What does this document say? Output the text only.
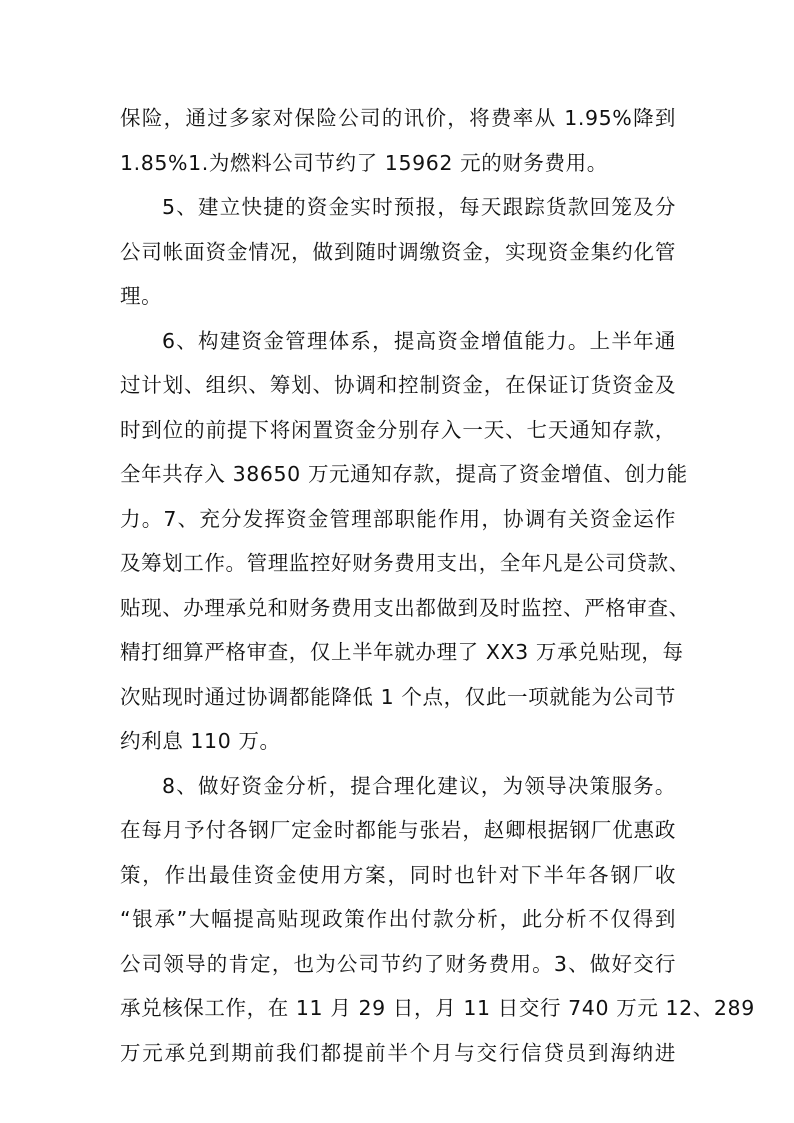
保险，通过多家对保险公司的讯价，将费率从 1.95%降到
1.85%1.为燃料公司节约了 15962 元的财务费用。
5、建立快捷的资金实时预报，每天跟踪货款回笼及分
公司帐面资金情况，做到随时调缴资金，实现资金集约化管
理。
6、构建资金管理体系，提高资金增值能力。上半年通
过计划、组织、筹划、协调和控制资金，在保证订货资金及
时到位的前提下将闲置资金分别存入一天、七天通知存款，
全年共存入 38650 万元通知存款，提高了资金增值、创力能
力。7、充分发挥资金管理部职能作用，协调有关资金运作
及筹划工作。管理监控好财务费用支出，全年凡是公司贷款、
贴现、办理承兑和财务费用支出都做到及时监控、严格审查、
精打细算严格审查，仅上半年就办理了 XX3 万承兑贴现，每
次贴现时通过协调都能降低 1 个点，仅此一项就能为公司节
约利息 110 万。
8、做好资金分析，提合理化建议，为领导决策服务。
在每月予付各钢厂定金时都能与张岩，赵卿根据钢厂优惠政
策，作出最佳资金使用方案，同时也针对下半年各钢厂收
“银承”大幅提高贴现政策作出付款分析，此分析不仅得到
公司领导的肯定，也为公司节约了财务费用。3、做好交行
承兑核保工作，在 11 月 29 日，月 11 日交行 740 万元 12、289
万元承兑到期前我们都提前半个月与交行信贷员到海纳进
